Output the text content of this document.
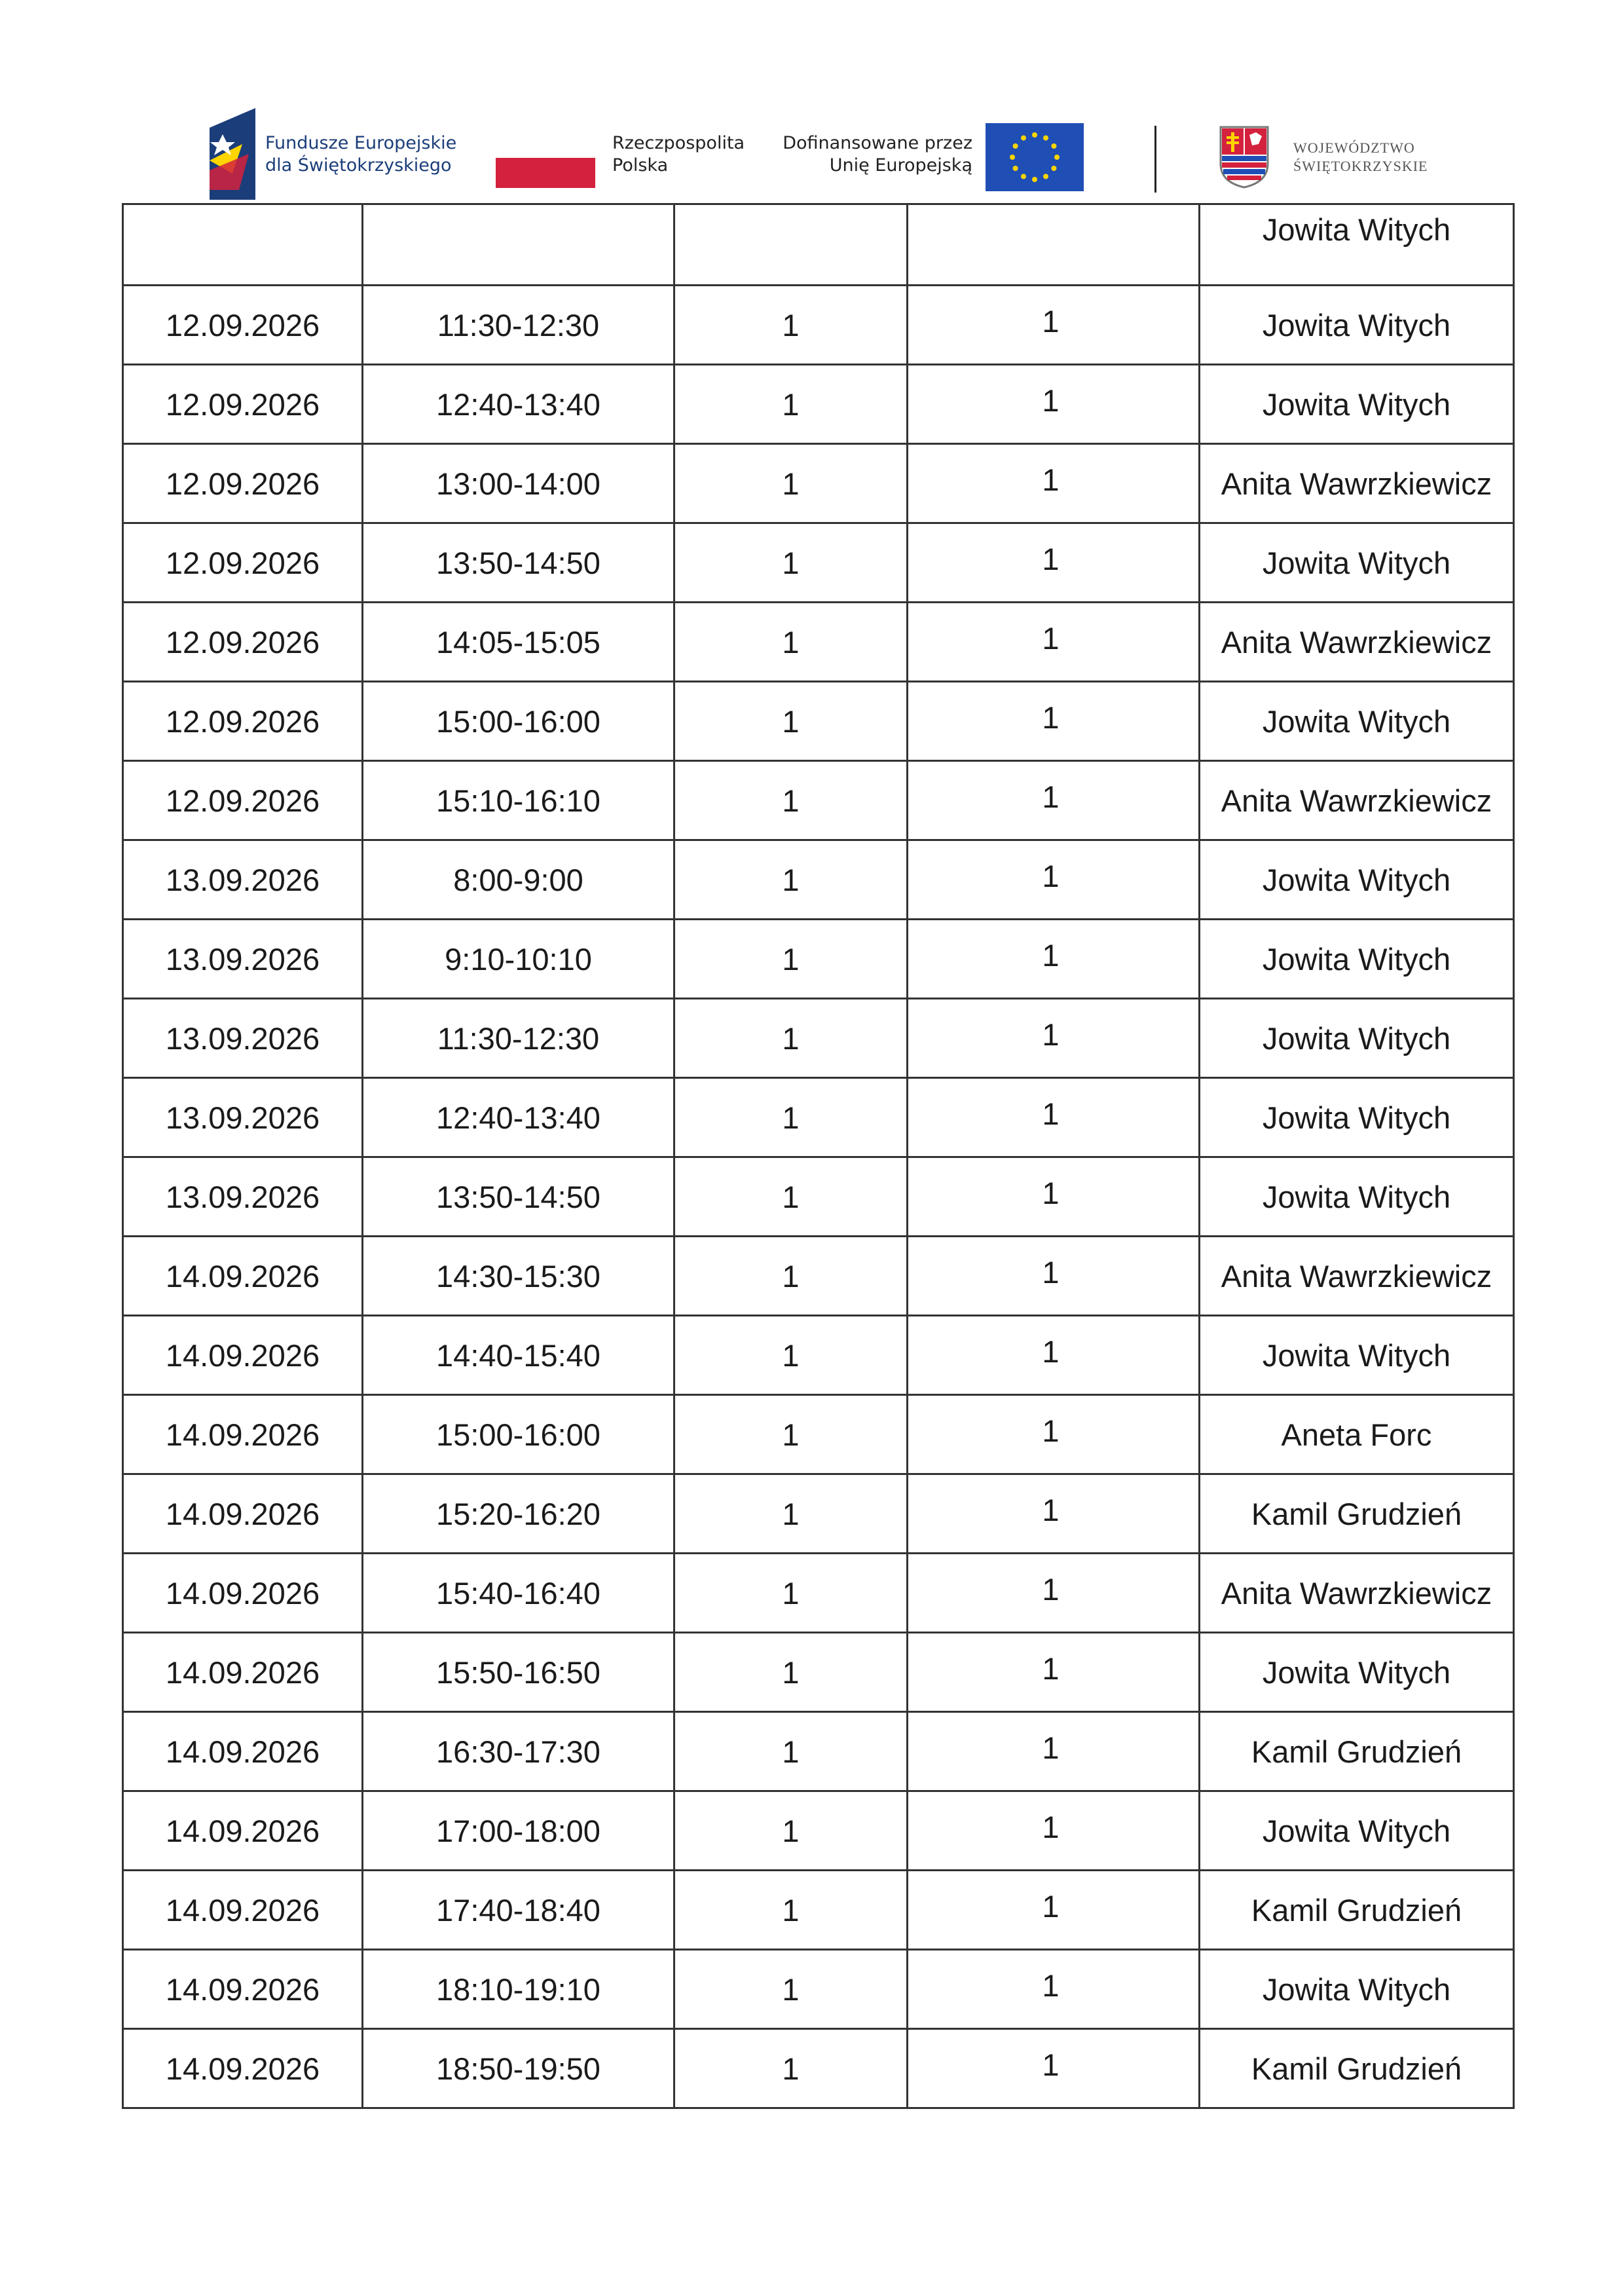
Fundusze Europejskie
dla Świętokrzyskiego
Rzeczpospolita
Polska
Dofinansowane przez
Unię Europejską
WOJEWÓDZTWO
ŚWIĘTOKRZYSKIE
				Jowita Witych
12.09.2026	11:30-12:30	1	1	Jowita Witych
12.09.2026	12:40-13:40	1	1	Jowita Witych
12.09.2026	13:00-14:00	1	1	Anita Wawrzkiewicz
12.09.2026	13:50-14:50	1	1	Jowita Witych
12.09.2026	14:05-15:05	1	1	Anita Wawrzkiewicz
12.09.2026	15:00-16:00	1	1	Jowita Witych
12.09.2026	15:10-16:10	1	1	Anita Wawrzkiewicz
13.09.2026	8:00-9:00	1	1	Jowita Witych
13.09.2026	9:10-10:10	1	1	Jowita Witych
13.09.2026	11:30-12:30	1	1	Jowita Witych
13.09.2026	12:40-13:40	1	1	Jowita Witych
13.09.2026	13:50-14:50	1	1	Jowita Witych
14.09.2026	14:30-15:30	1	1	Anita Wawrzkiewicz
14.09.2026	14:40-15:40	1	1	Jowita Witych
14.09.2026	15:00-16:00	1	1	Aneta Forc
14.09.2026	15:20-16:20	1	1	Kamil Grudzień
14.09.2026	15:40-16:40	1	1	Anita Wawrzkiewicz
14.09.2026	15:50-16:50	1	1	Jowita Witych
14.09.2026	16:30-17:30	1	1	Kamil Grudzień
14.09.2026	17:00-18:00	1	1	Jowita Witych
14.09.2026	17:40-18:40	1	1	Kamil Grudzień
14.09.2026	18:10-19:10	1	1	Jowita Witych
14.09.2026	18:50-19:50	1	1	Kamil Grudzień
